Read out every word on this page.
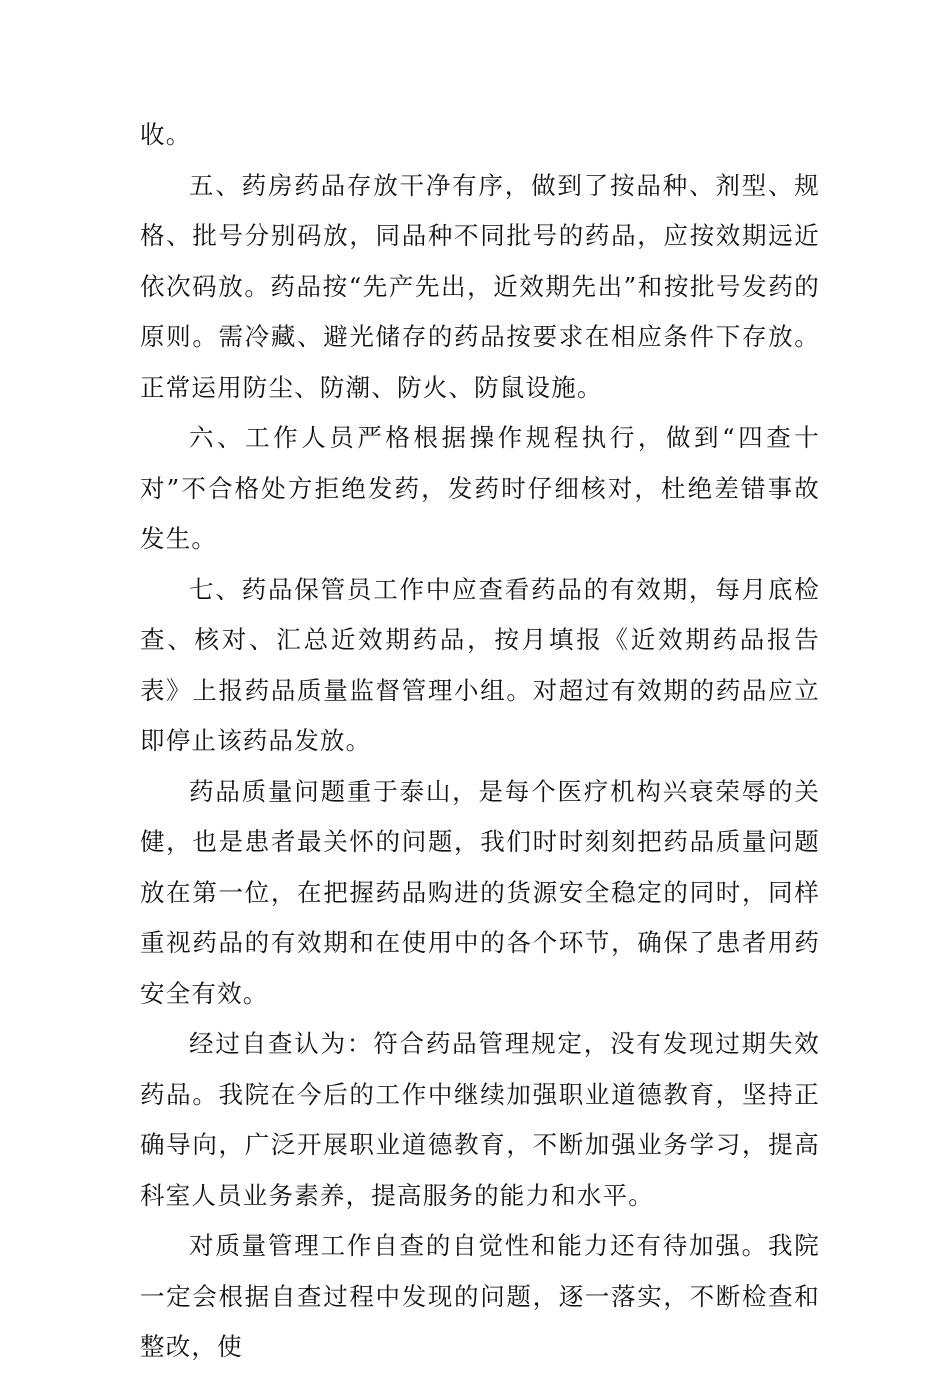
收。

五、药房药品存放干净有序，做到了按品种、剂型、规格、批号分别码放，同品种不同批号的药品，应按效期远近依次码放。药品按“先产先出，近效期先出”和按批号发药的原则。需冷藏、避光储存的药品按要求在相应条件下存放。正常运用防尘、防潮、防火、防鼠设施。

六、工作人员严格根据操作规程执行，做到“四查十对”不合格处方拒绝发药，发药时仔细核对，杜绝差错事故发生。

七、药品保管员工作中应查看药品的有效期，每月底检查、核对、汇总近效期药品，按月填报《近效期药品报告表》上报药品质量监督管理小组。对超过有效期的药品应立即停止该药品发放。

药品质量问题重于泰山，是每个医疗机构兴衰荣辱的关健，也是患者最关怀的问题，我们时时刻刻把药品质量问题放在第一位，在把握药品购进的货源安全稳定的同时，同样重视药品的有效期和在使用中的各个环节，确保了患者用药安全有效。

经过自查认为：符合药品管理规定，没有发现过期失效药品。我院在今后的工作中继续加强职业道德教育，坚持正确导向，广泛开展职业道德教育，不断加强业务学习，提高科室人员业务素养，提高服务的能力和水平。

对质量管理工作自查的自觉性和能力还有待加强。我院一定会根据自查过程中发现的问题，逐一落实，不断检查和整改，使
